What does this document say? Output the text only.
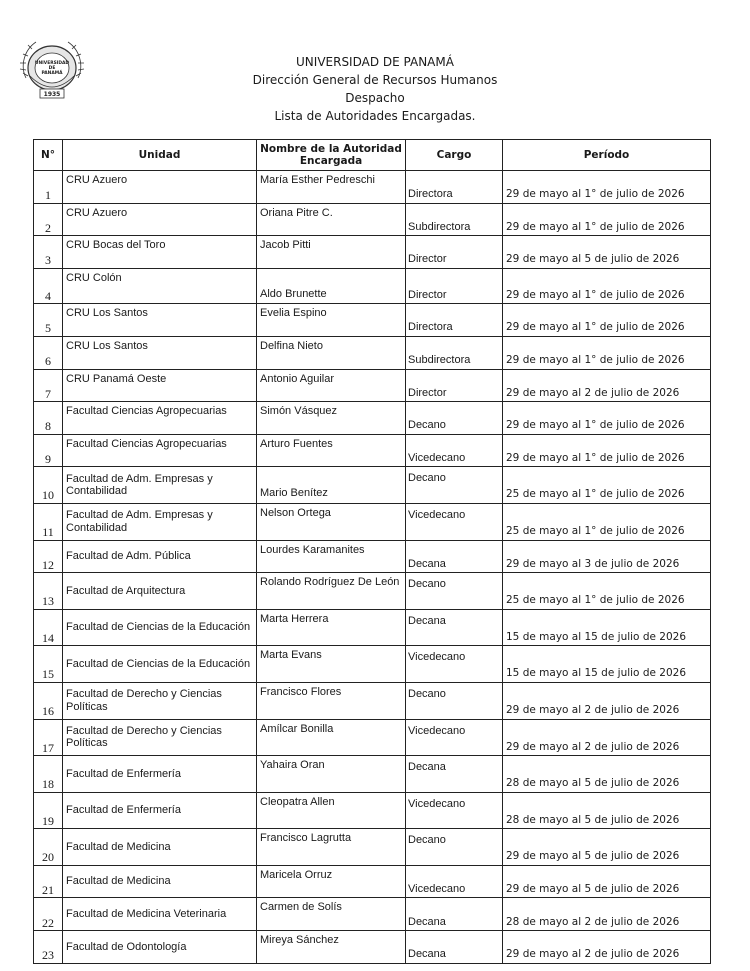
UNIVERSIDAD
DE
PANAMÁ
1935
UNIVERSIDAD DE PANAMÁ
Dirección General de Recursos Humanos
Despacho
Lista de Autoridades Encargadas.
N°	Unidad	Nombre de la Autoridad Encargada	Cargo	Período
1	CRU Azuero	María Esther Pedreschi	Directora	29 de mayo al 1° de julio de 2026
2	CRU Azuero	Oriana Pitre C.	Subdirectora	29 de mayo al 1° de julio de 2026
3	CRU Bocas del Toro	Jacob Pitti	Director	29 de mayo al 5 de julio de 2026
4	CRU Colón	Aldo Brunette	Director	29 de mayo al 1° de julio de 2026
5	CRU Los Santos	Evelia Espino	Directora	29 de mayo al 1° de julio de 2026
6	CRU Los Santos	Delfina Nieto	Subdirectora	29 de mayo al 1° de julio de 2026
7	CRU Panamá Oeste	Antonio Aguilar	Director	29 de mayo al 2 de julio de 2026
8	Facultad Ciencias Agropecuarias	Simón Vásquez	Decano	29 de mayo al 1° de julio de 2026
9	Facultad Ciencias Agropecuarias	Arturo Fuentes	Vicedecano	29 de mayo al 1° de julio de 2026
10	Facultad de Adm. Empresas y Contabilidad	Mario Benítez	Decano	25 de mayo al 1° de julio de 2026
11	Facultad de Adm. Empresas y Contabilidad	Nelson Ortega	Vicedecano	25 de mayo al 1° de julio de 2026
12	Facultad de Adm. Pública	Lourdes Karamanites	Decana	29 de mayo al 3 de julio de 2026
13	Facultad de Arquitectura	Rolando Rodríguez De León	Decano	25 de mayo al 1° de julio de 2026
14	Facultad de Ciencias de la Educación	Marta Herrera	Decana	15 de mayo al 15 de julio de 2026
15	Facultad de Ciencias de la Educación	Marta Evans	Vicedecano	15 de mayo al 15 de julio de 2026
16	Facultad de Derecho y Ciencias Políticas	Francisco Flores	Decano	29 de mayo al 2 de julio de 2026
17	Facultad de Derecho y Ciencias Políticas	Amílcar Bonilla	Vicedecano	29 de mayo al 2 de julio de 2026
18	Facultad de Enfermería	Yahaira Oran	Decana	28 de mayo al 5 de julio de 2026
19	Facultad de Enfermería	Cleopatra Allen	Vicedecano	28 de mayo al 5 de julio de 2026
20	Facultad de Medicina	Francisco Lagrutta	Decano	29 de mayo al 5 de julio de 2026
21	Facultad de Medicina	Maricela Orruz	Vicedecano	29 de mayo al 5 de julio de 2026
22	Facultad de Medicina Veterinaria	Carmen de Solís	Decana	28 de mayo al 2 de julio de 2026
23	Facultad de Odontología	Mireya Sánchez	Decana	29 de mayo al 2 de julio de 2026
